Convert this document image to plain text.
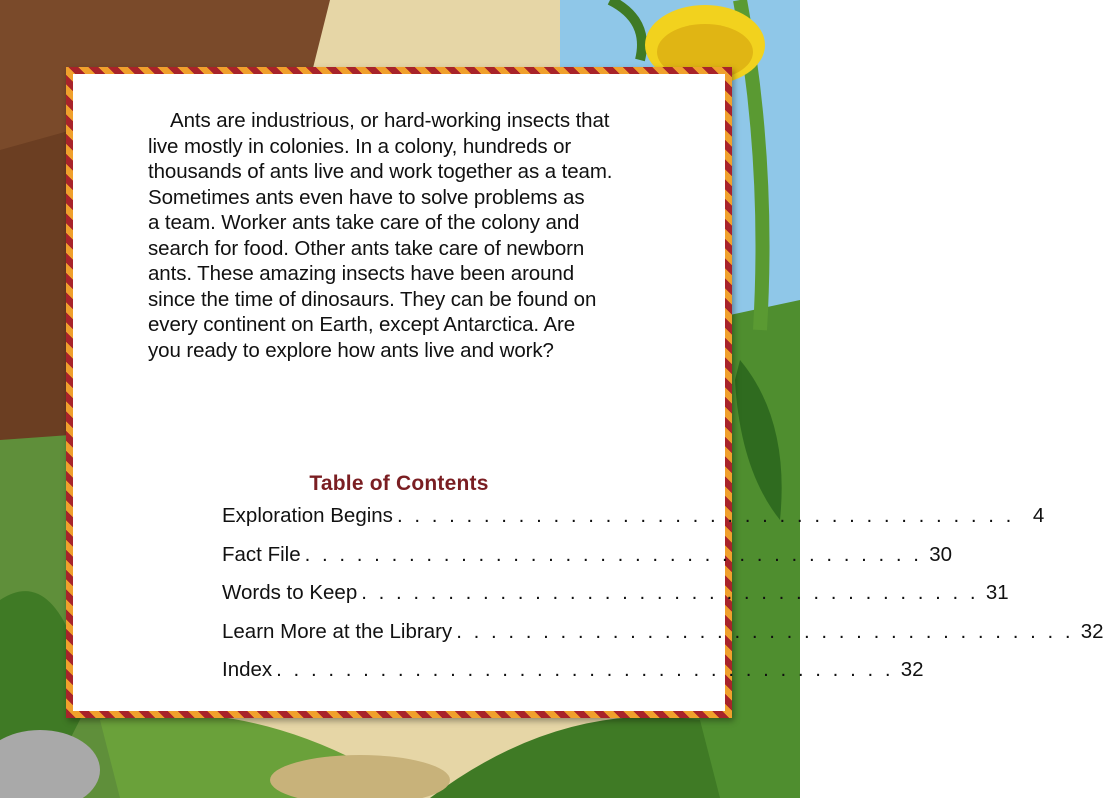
Ants are industrious, or hard-working insects that
live mostly in colonies. In a colony, hundreds or
thousands of ants live and work together as a team.
Sometimes ants even have to solve problems as
a team. Worker ants take care of the colony and
search for food. Other ants take care of newborn
ants. These amazing insects have been around
since the time of dinosaurs. They can be found on
every continent on Earth, except Antarctica. Are
you ready to explore how ants live and work?

Table of Contents
Exploration Begins . . . . . . . . . . . . . . . . . . . . . . . . . . . . . . . . . . . . 4
Fact File . . . . . . . . . . . . . . . . . . . . . . . . . . . . . . . . . . . . 30
Words to Keep . . . . . . . . . . . . . . . . . . . . . . . . . . . . . . . . . . . . 31
Learn More at the Library . . . . . . . . . . . . . . . . . . . . . . . . . . . . . . . . . . . . 32
Index . . . . . . . . . . . . . . . . . . . . . . . . . . . . . . . . . . . . 32
